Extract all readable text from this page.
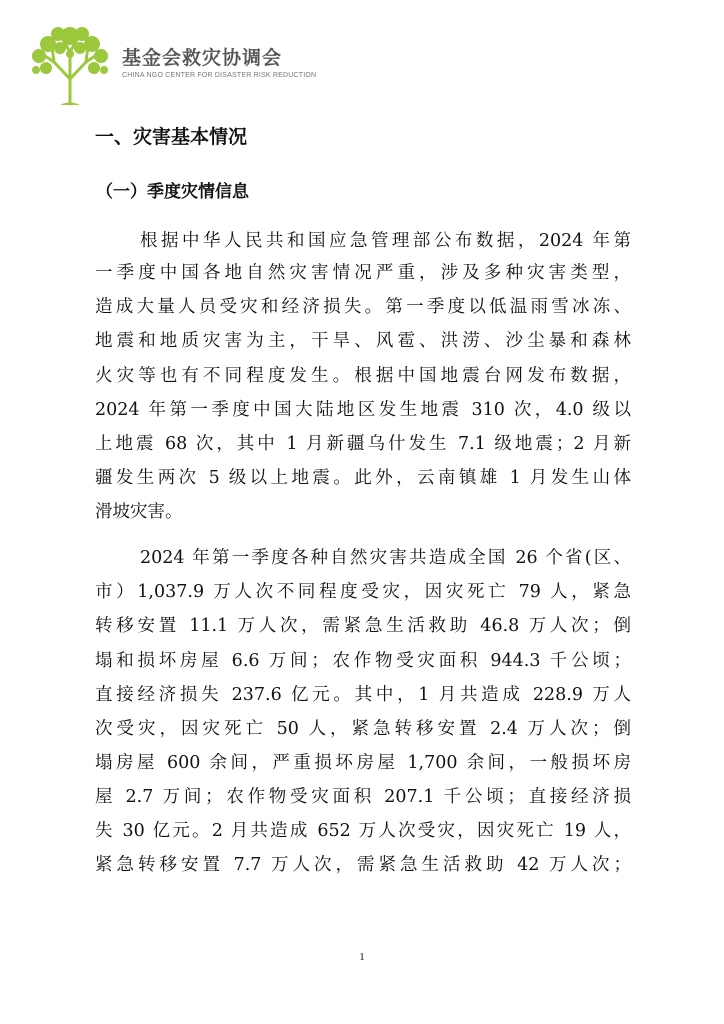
基金会救灾协调会
CHINA NGO CENTER FOR DISASTER RISK REDUCTION
一、灾害基本情况
（一）季度灾情信息
根据中华人民共和国应急管理部公布数据，2024 年第
一季度中国各地自然灾害情况严重，涉及多种灾害类型，
造成大量人员受灾和经济损失。第一季度以低温雨雪冰冻、
地震和地质灾害为主，干旱、风雹、洪涝、沙尘暴和森林
火灾等也有不同程度发生。根据中国地震台网发布数据，
2024 年第一季度中国大陆地区发生地震 310 次，4.0 级以
上地震 68 次，其中 1 月新疆乌什发生 7.1 级地震；2 月新
疆发生两次 5 级以上地震。此外，云南镇雄 1 月发生山体
滑坡灾害。
2024 年第一季度各种自然灾害共造成全国 26 个省(区、
市）1,037.9 万人次不同程度受灾，因灾死亡 79 人，紧急
转移安置 11.1 万人次，需紧急生活救助 46.8 万人次；倒
塌和损坏房屋 6.6 万间；农作物受灾面积 944.3 千公顷；
直接经济损失 237.6 亿元。其中，1 月共造成 228.9 万人
次受灾，因灾死亡 50 人，紧急转移安置 2.4 万人次；倒
塌房屋 600 余间，严重损坏房屋 1,700 余间，一般损坏房
屋 2.7 万间；农作物受灾面积 207.1 千公顷；直接经济损
失 30 亿元。2 月共造成 652 万人次受灾，因灾死亡 19 人，
紧急转移安置 7.7 万人次，需紧急生活救助 42 万人次；
1
